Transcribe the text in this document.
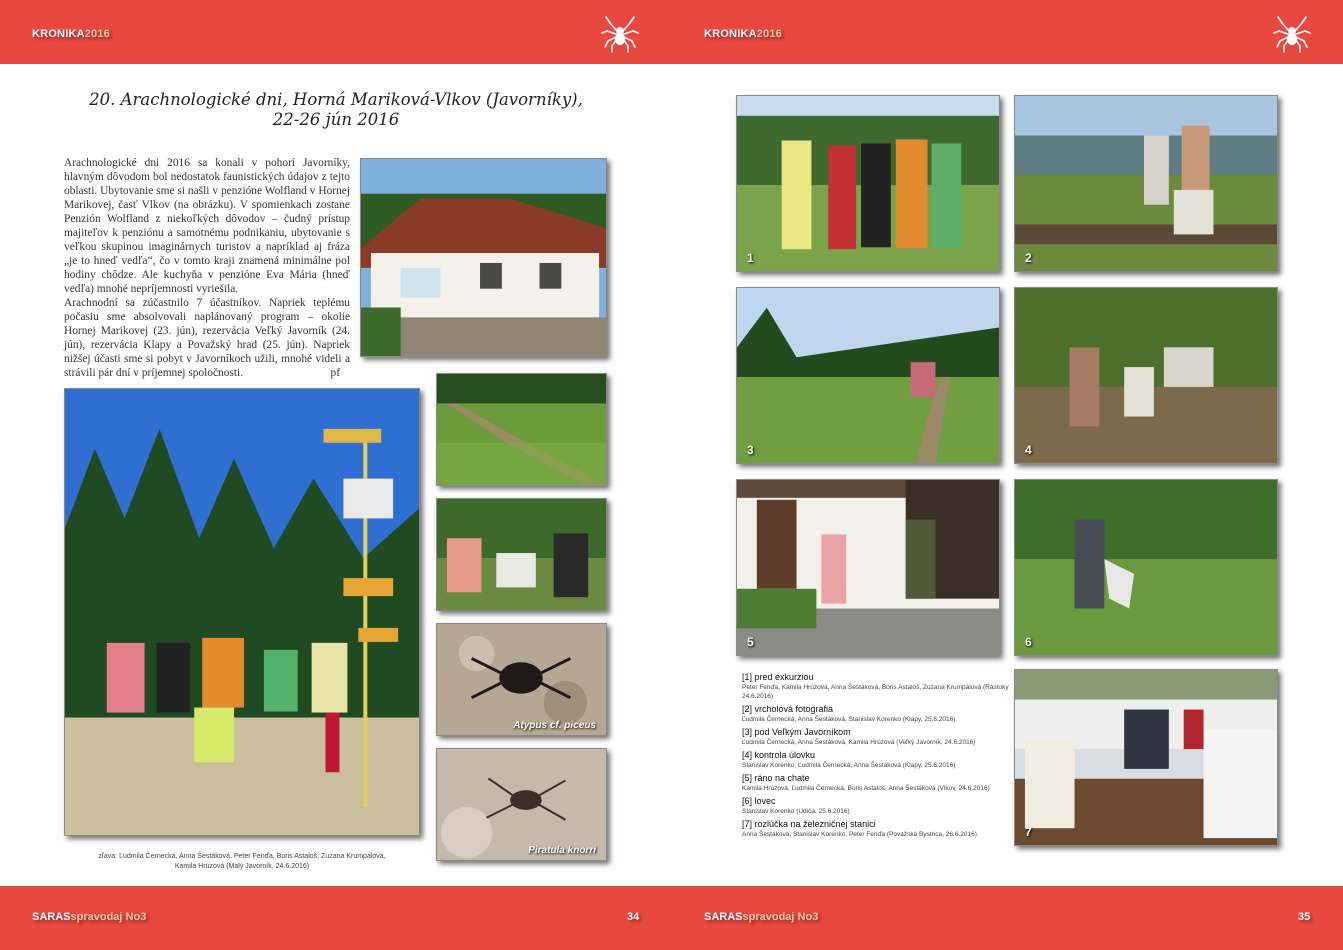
KRONIKA2016	KRONIKA2016
SARASspravodaj No3	SARASspravodaj No3
34	35
20. Arachnologické dni, Horná Mariková-Vlkov (Javorníky),
22-26 jún 2016

Arachnologické dni 2016 sa konali v pohorí Javorníky, hlavným dôvodom bol nedostatok faunistických údajov z tejto oblasti. Ubytovanie sme si našli v penzióne Wolfland v Hornej Marikovej, časť Vlkov (na obrázku). V spomienkach zostane Penzión Wolfland z niekoľkých dôvodov – čudný prístup majiteľov k penziónu a samotnému podnikaniu, ubytovanie s veľkou skupinou imaginárnych turistov a napríklad aj fráza „je to hneď vedľa“, čo v tomto kraji znamená minimálne pol hodiny chôdze. Ale kuchyňa v penzióne Eva Mária (hneď vedľa) mnohé nepríjemnosti vyriešila.

Arachnodní sa zúčastnilo 7 účastníkov. Napriek teplému počasiu sme absolvovali naplánovaný program – okolie Hornej Marikovej (23. jún), rezervácia Veľký Javorník (24. jún), rezervácia Klapy a Považský hrad (25. jún). Napriek nižšej účasti sme si pobyt v Javorníkoch užili, mnohé videli a strávili pár dní v príjemnej spoločnosti.	pf

Atypus cf. piceus
Piratula knorri
zľava: Ľudmila Černecká, Anna Šestáková, Peter Fenďa, Boris Astaloš, Zuzana Krumpálová,
Kamila Hrúzová (Malý Javorník, 24.6.2016)
1	2
3	4
5	6
7
[1] pred exkurziou
Peter Fenďa, Kamila Hrúzová, Anna Šestáková, Boris Astaloš, Zuzana Krumpálová (Rástoky 24.6.2016)
[2] vrcholová fotografia
Ľudmila Černecká, Anna Šestáková, Stanislav Korenko (Klapy, 25.6.2016)
[3] pod Veľkým Javorníkom
Ľudmila Černecká, Anna Šestáková, Kamila Hrúzová (Veľký Javorník, 24.6.2016)
[4] kontrola úlovku
Stanislav Korenko, Ľudmila Černecká, Anna Šestáková (Klapy, 25.6.2016)
[5] ráno na chate
Kamila Hrúzová, Ľudmila Černecká, Boris Astaloš, Anna Šestáková (Vlkov, 24.6.2016)
[6] lovec
Stanislav Korenko (Udiča, 25.6.2016)
[7] rozlúčka na železničnej stanici
Anna Šestáková, Stanislav Korenko, Peter Fenďa (Považská Bystrica, 26.6.2016)
